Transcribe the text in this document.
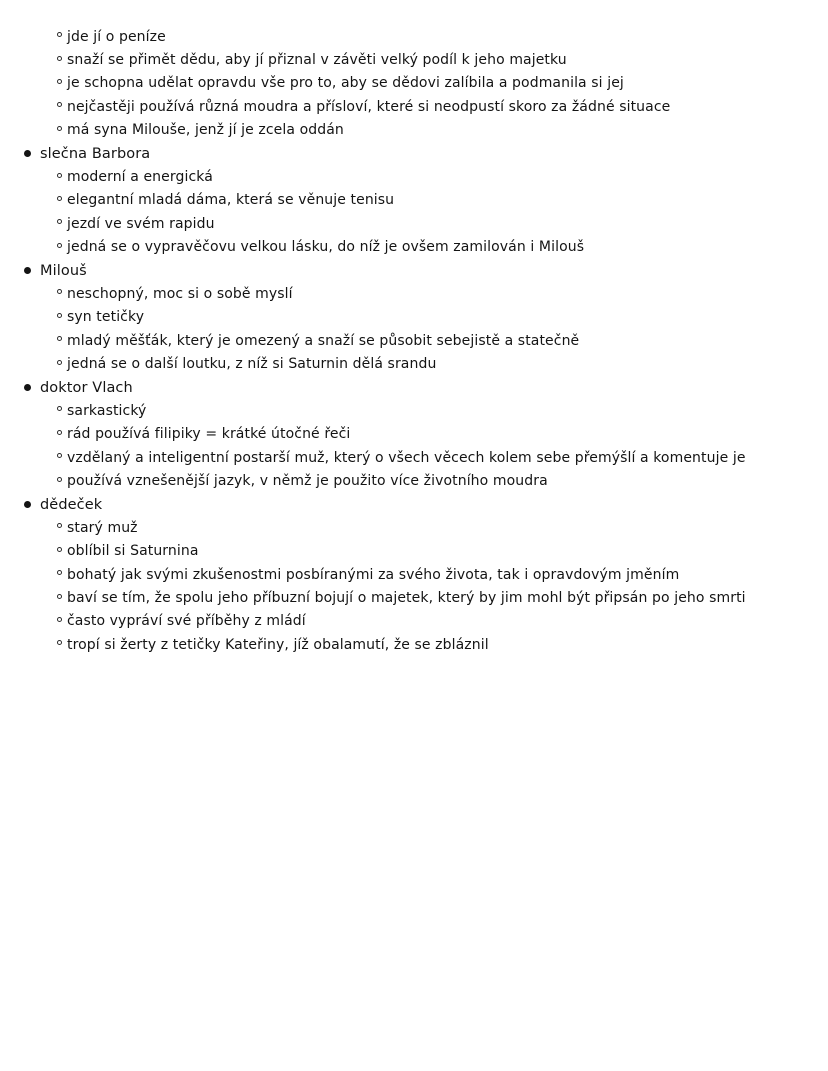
jde jí o peníze
snaží se přimět dědu, aby jí přiznal v závěti velký podíl k jeho majetku
je schopna udělat opravdu vše pro to, aby se dědovi zalíbila a podmanila si jej
nejčastěji používá různá moudra a přísloví, které si neodpustí skoro za žádné situace
má syna Milouše, jenž jí je zcela oddán
slečna Barbora
moderní a energická
elegantní mladá dáma, která se věnuje tenisu
jezdí ve svém rapidu
jedná se o vypravěčovu velkou lásku, do níž je ovšem zamilován i Milouš
Milouš
neschopný, moc si o sobě myslí
syn tetičky
mladý měšťák, který je omezený a snaží se působit sebejistě a statečně
jedná se o další loutku, z níž si Saturnin dělá srandu
doktor Vlach
sarkastický
rád používá filipiky = krátké útočné řeči
vzdělaný a inteligentní postarší muž, který o všech věcech kolem sebe přemýšlí a komentuje je
používá vznešenější jazyk, v němž je použito více životního moudra
dědeček
starý muž
oblíbil si Saturnina
bohatý jak svými zkušenostmi posbíranými za svého života, tak i opravdovým jměním
baví se tím, že spolu jeho příbuzní bojují o majetek, který by jim mohl být připsán po jeho smrti
často vypráví své příběhy z mládí
tropí si žerty z tetičky Kateřiny, jíž obalamutí, že se zbláznil
